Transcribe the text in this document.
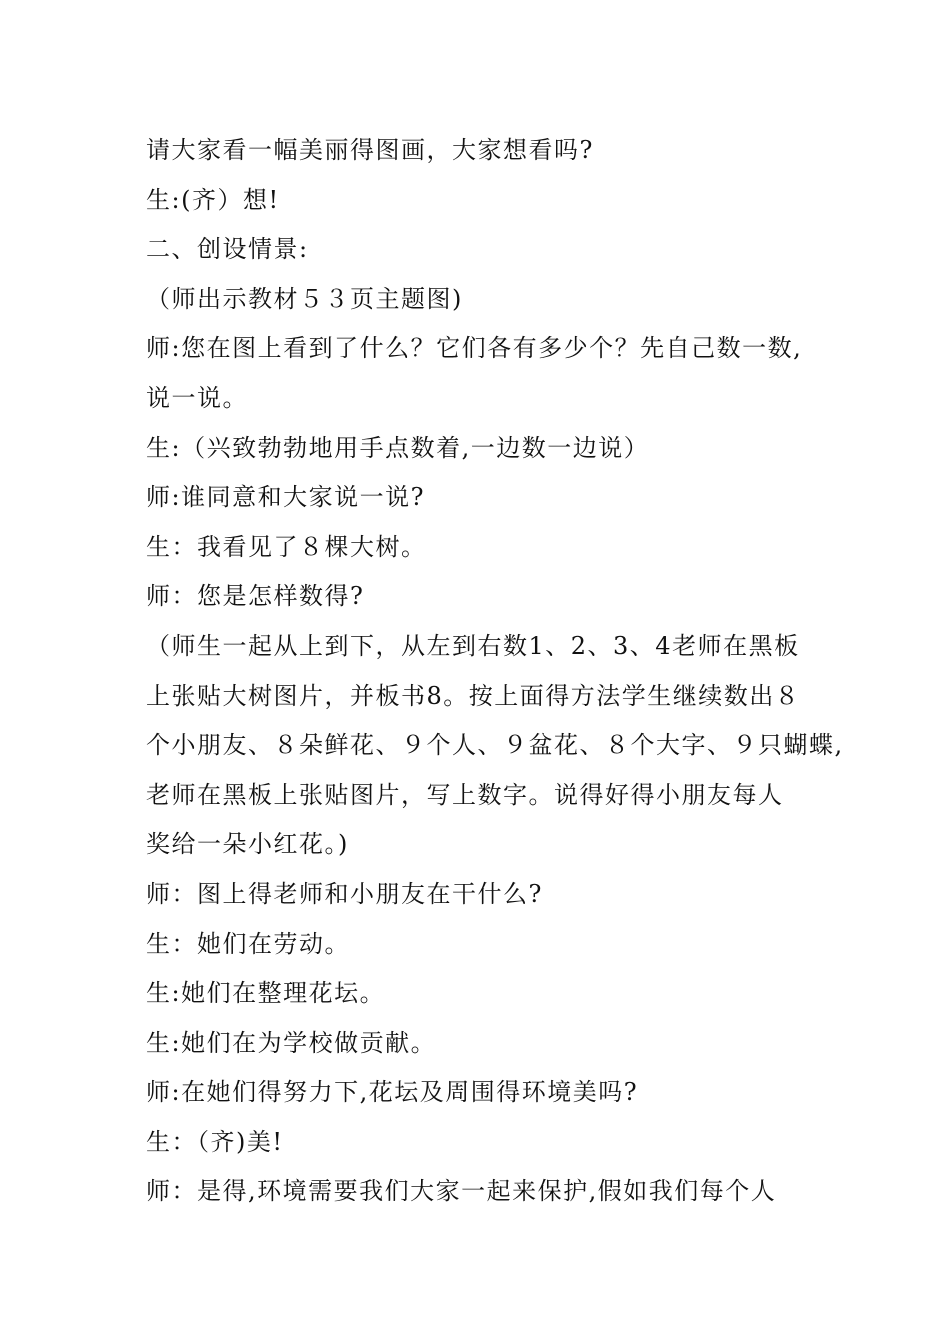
请大家看一幅美丽得图画，大家想看吗?
生:(齐）想!
二、创设情景:
（师出示教材５３页主题图)
师:您在图上看到了什么？它们各有多少个？先自己数一数,
说一说。
生:（兴致勃勃地用手点数着,一边数一边说）
师:谁同意和大家说一说?
生：我看见了８棵大树。
师：您是怎样数得?
（师生一起从上到下，从左到右数1、2、3、4老师在黑板
上张贴大树图片，并板书8。按上面得方法学生继续数出８
个小朋友、８朵鲜花、９个人、９盆花、８个大字、９只蝴蝶,
老师在黑板上张贴图片，写上数字。说得好得小朋友每人
奖给一朵小红花。)
师：图上得老师和小朋友在干什么?
生：她们在劳动。
生:她们在整理花坛。
生:她们在为学校做贡献。
师:在她们得努力下,花坛及周围得环境美吗?
生：（齐)美!
师：是得,环境需要我们大家一起来保护,假如我们每个人
